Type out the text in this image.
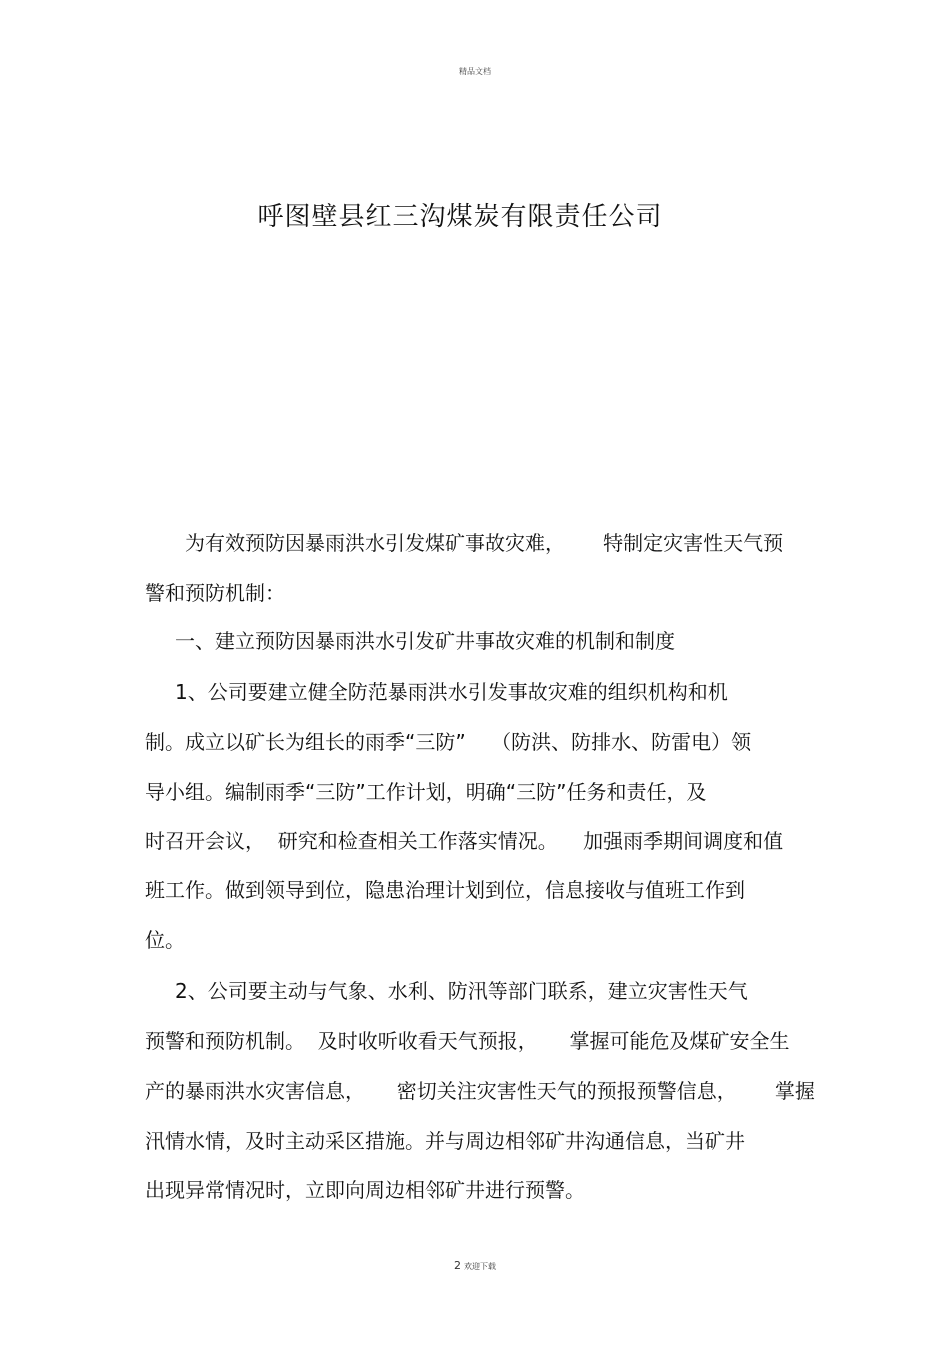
精品文档
呼图壁县红三沟煤炭有限责任公司
为有效预防因暴雨洪水引发煤矿事故灾难，      特制定灾害性天气预
警和预防机制：
一、建立预防因暴雨洪水引发矿井事故灾难的机制和制度
1、公司要建立健全防范暴雨洪水引发事故灾难的组织机构和机
制。成立以矿长为组长的雨季“三防”    （防洪、防排水、防雷电）领
导小组。编制雨季“三防”工作计划，明确“三防”任务和责任，及
时召开会议，  研究和检查相关工作落实情况。    加强雨季期间调度和值
班工作。做到领导到位，隐患治理计划到位，信息接收与值班工作到
位。
2、公司要主动与气象、水利、防汛等部门联系，建立灾害性天气
预警和预防机制。  及时收听收看天气预报，     掌握可能危及煤矿安全生
产的暴雨洪水灾害信息，     密切关注灾害性天气的预报预警信息，      掌握
汛情水情，及时主动采区措施。并与周边相邻矿井沟通信息，当矿井
出现异常情况时，立即向周边相邻矿井进行预警。
2 欢迎下载
